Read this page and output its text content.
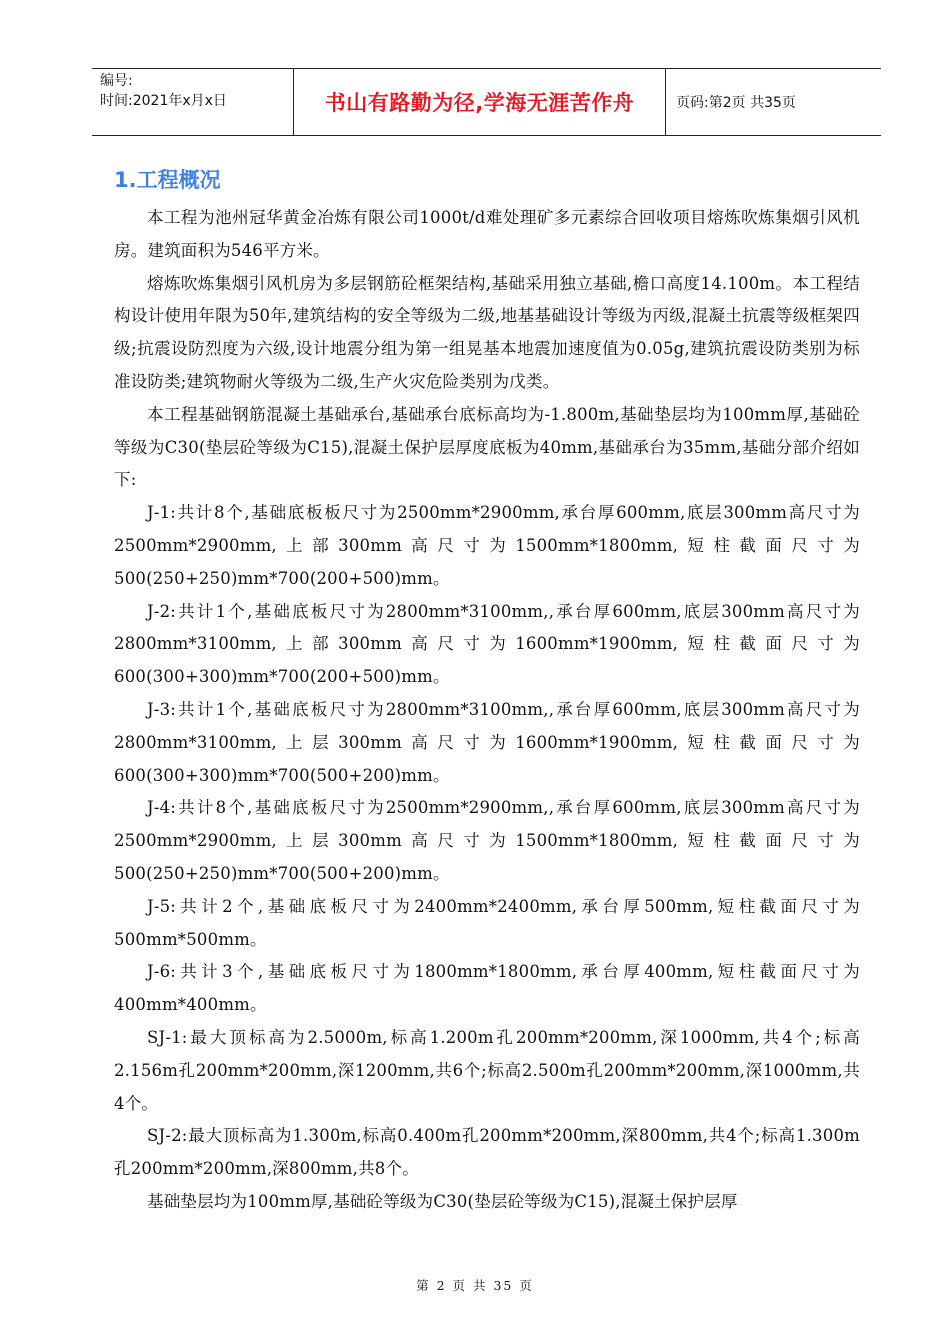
编号:
时间:2021年x月x日	书山有路勤为径,学海无涯苦作舟	页码:第2页 共35页
1.工程概况

本工程为池州冠华黄金冶炼有限公司1000t/d难处理矿多元素综合回收项目熔炼吹炼集烟引风机房。建筑面积为546平方米。

熔炼吹炼集烟引风机房为多层钢筋砼框架结构,基础采用独立基础,檐口高度14.100m。本工程结构设计使用年限为50年,建筑结构的安全等级为二级,地基基础设计等级为丙级,混凝土抗震等级框架四级;抗震设防烈度为六级,设计地震分组为第一组晃基本地震加速度值为0.05g,建筑抗震设防类别为标准设防类;建筑物耐火等级为二级,生产火灾危险类别为戊类。

本工程基础钢筋混凝土基础承台,基础承台底标高均为-1.800m,基础垫层均为100mm厚,基础砼等级为C30(垫层砼等级为C15),混凝土保护层厚度底板为40mm,基础承台为35mm,基础分部介绍如下:

J-1:共计8个,基础底板板尺寸为2500mm*2900mm,承台厚600mm,底层300mm高尺寸为2500mm*2900mm,上部300mm高尺寸为1500mm*1800mm,短柱截面尺寸为500(250+250)mm*700(200+500)mm。

J-2:共计1个,基础底板尺寸为2800mm*3100mm,,承台厚600mm,底层300mm高尺寸为2800mm*3100mm,上部300mm高尺寸为1600mm*1900mm,短柱截面尺寸为600(300+300)mm*700(200+500)mm。

J-3:共计1个,基础底板尺寸为2800mm*3100mm,,承台厚600mm,底层300mm高尺寸为2800mm*3100mm,上层300mm高尺寸为1600mm*1900mm,短柱截面尺寸为600(300+300)mm*700(500+200)mm。

J-4:共计8个,基础底板尺寸为2500mm*2900mm,,承台厚600mm,底层300mm高尺寸为2500mm*2900mm,上层300mm高尺寸为1500mm*1800mm,短柱截面尺寸为500(250+250)mm*700(500+200)mm。

J-5:共计2个,基础底板尺寸为2400mm*2400mm,承台厚500mm,短柱截面尺寸为500mm*500mm。

J-6:共计3个,基础底板尺寸为1800mm*1800mm,承台厚400mm,短柱截面尺寸为400mm*400mm。

SJ-1:最大顶标高为2.5000m,标高1.200m孔200mm*200mm,深1000mm,共4个;标高2.156m孔200mm*200mm,深1200mm,共6个;标高2.500m孔200mm*200mm,深1000mm,共4个。

SJ-2:最大顶标高为1.300m,标高0.400m孔200mm*200mm,深800mm,共4个;标高1.300m孔200mm*200mm,深800mm,共8个。

基础垫层均为100mm厚,基础砼等级为C30(垫层砼等级为C15),混凝土保护层厚

第 2 页 共 35 页
